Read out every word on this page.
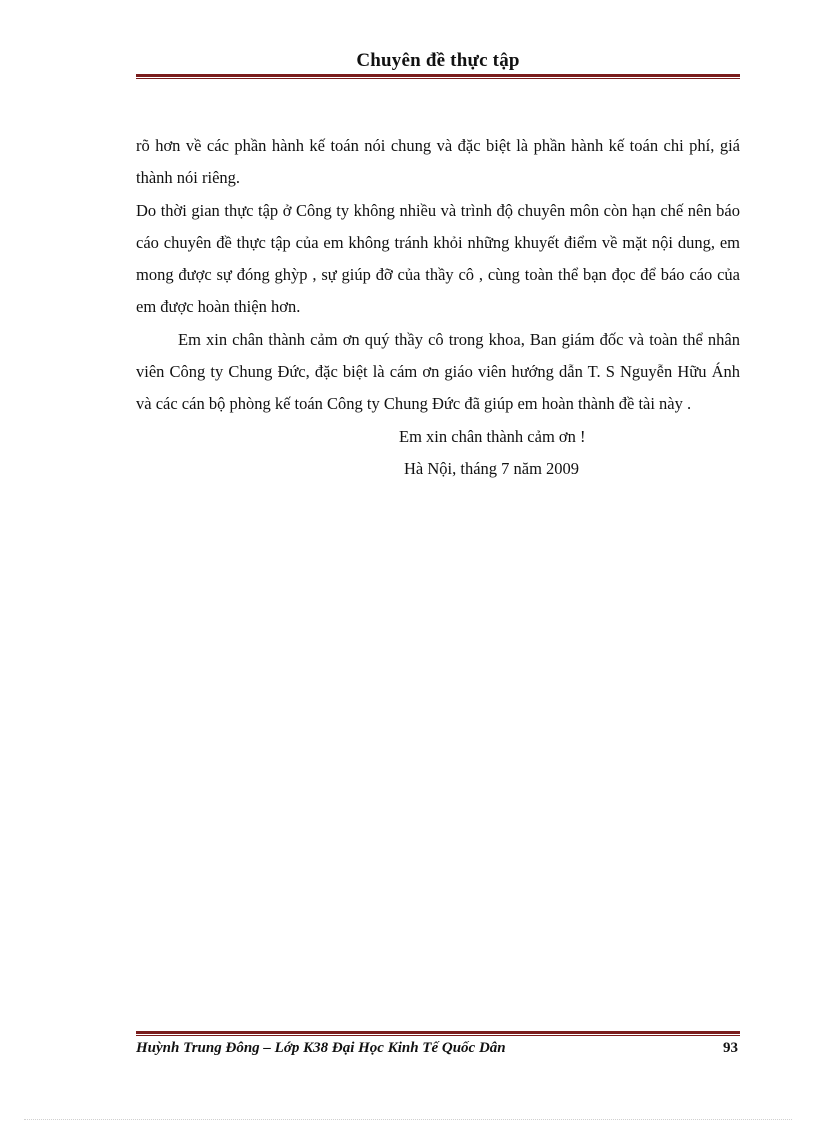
Chuyên đề thực tập

rõ hơn về các phần hành kế toán nói chung và đặc biệt là phần hành kế toán chi phí, giá thành nói riêng.

Do thời gian thực tập ở Công ty không nhiều và trình độ chuyên môn còn hạn chế nên báo cáo chuyên đề thực tập của em không tránh khỏi những khuyết điểm về mặt nội dung, em mong được sự đóng ghỳp , sự giúp đỡ của thầy cô , cùng toàn thể bạn đọc để báo cáo của em được hoàn thiện hơn.

Em xin chân thành cảm ơn quý thầy cô trong khoa, Ban giám đốc và toàn thể nhân viên Công ty Chung Đức, đặc biệt là cám ơn giáo viên hướng dẫn T. S Nguyễn Hữu Ánh và các cán bộ phòng kế toán Công ty Chung Đức đã giúp em hoàn thành đề tài này .

Em xin chân thành cảm ơn !

Hà Nội, tháng 7 năm 2009

Huỳnh Trung Đông – Lớp K38 Đại Học Kinh Tế Quốc Dân	93
